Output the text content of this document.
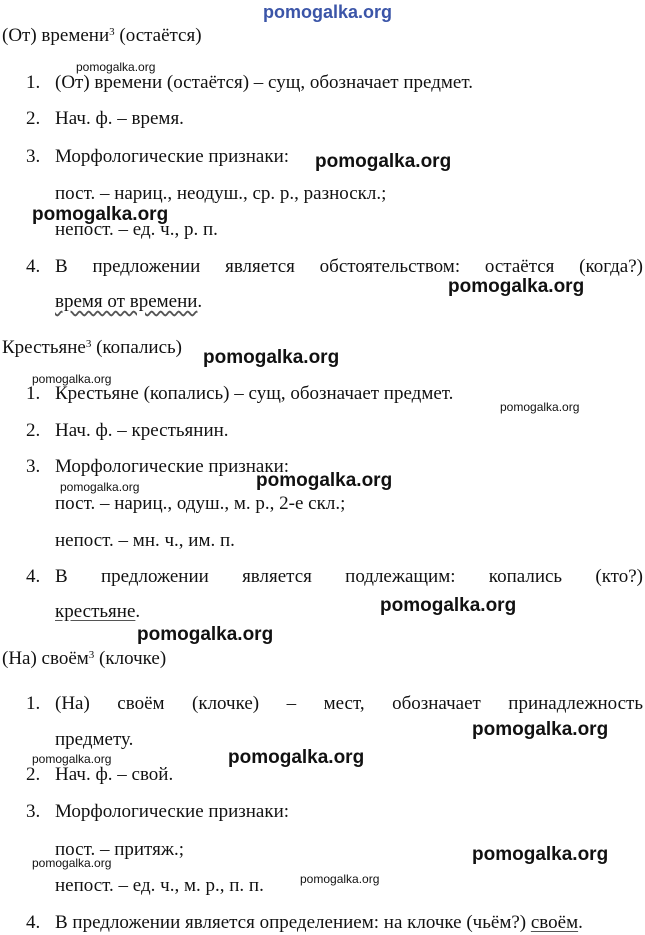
pomogalka.org
pomogalka.org
pomogalka.org
pomogalka.org
pomogalka.org
pomogalka.org
pomogalka.org
pomogalka.org
pomogalka.org	pomogalka.org
pomogalka.org
pomogalka.org
pomogalka.org
pomogalka.org
pomogalka.org
pomogalka.org
pomogalka.org
pomogalka.org
(От) времени$^3$ (остаётся)
1. (От) времени (остаётся) – сущ, обозначает предмет.
2. Нач. ф. – время.
3. Морфологические признаки:
пост. – нариц., неодуш., ср. р., разноскл.;
непост. – ед. ч., р. п.
4. В предложении является обстоятельством: остаётся (когда?)
время от времени.
Крестьяне$^3$ (копались)
1. Крестьяне (копались) – сущ, обозначает предмет.
2. Нач. ф. – крестьянин.
3. Морфологические признаки:
пост. – нариц., одуш., м. р., 2-е скл.;
непост. – мн. ч., им. п.
4. В предложении является подлежащим: копались (кто?)
крестьяне.
(На) своём$^3$ (клочке)
1. (На) своём (клочке) – мест, обозначает принадлежность
предмету.
2. Нач. ф. – свой.
3. Морфологические признаки:
пост. – притяж.;
непост. – ед. ч., м. р., п. п.
4. В предложении является определением: на клочке (чьём?) своём.
